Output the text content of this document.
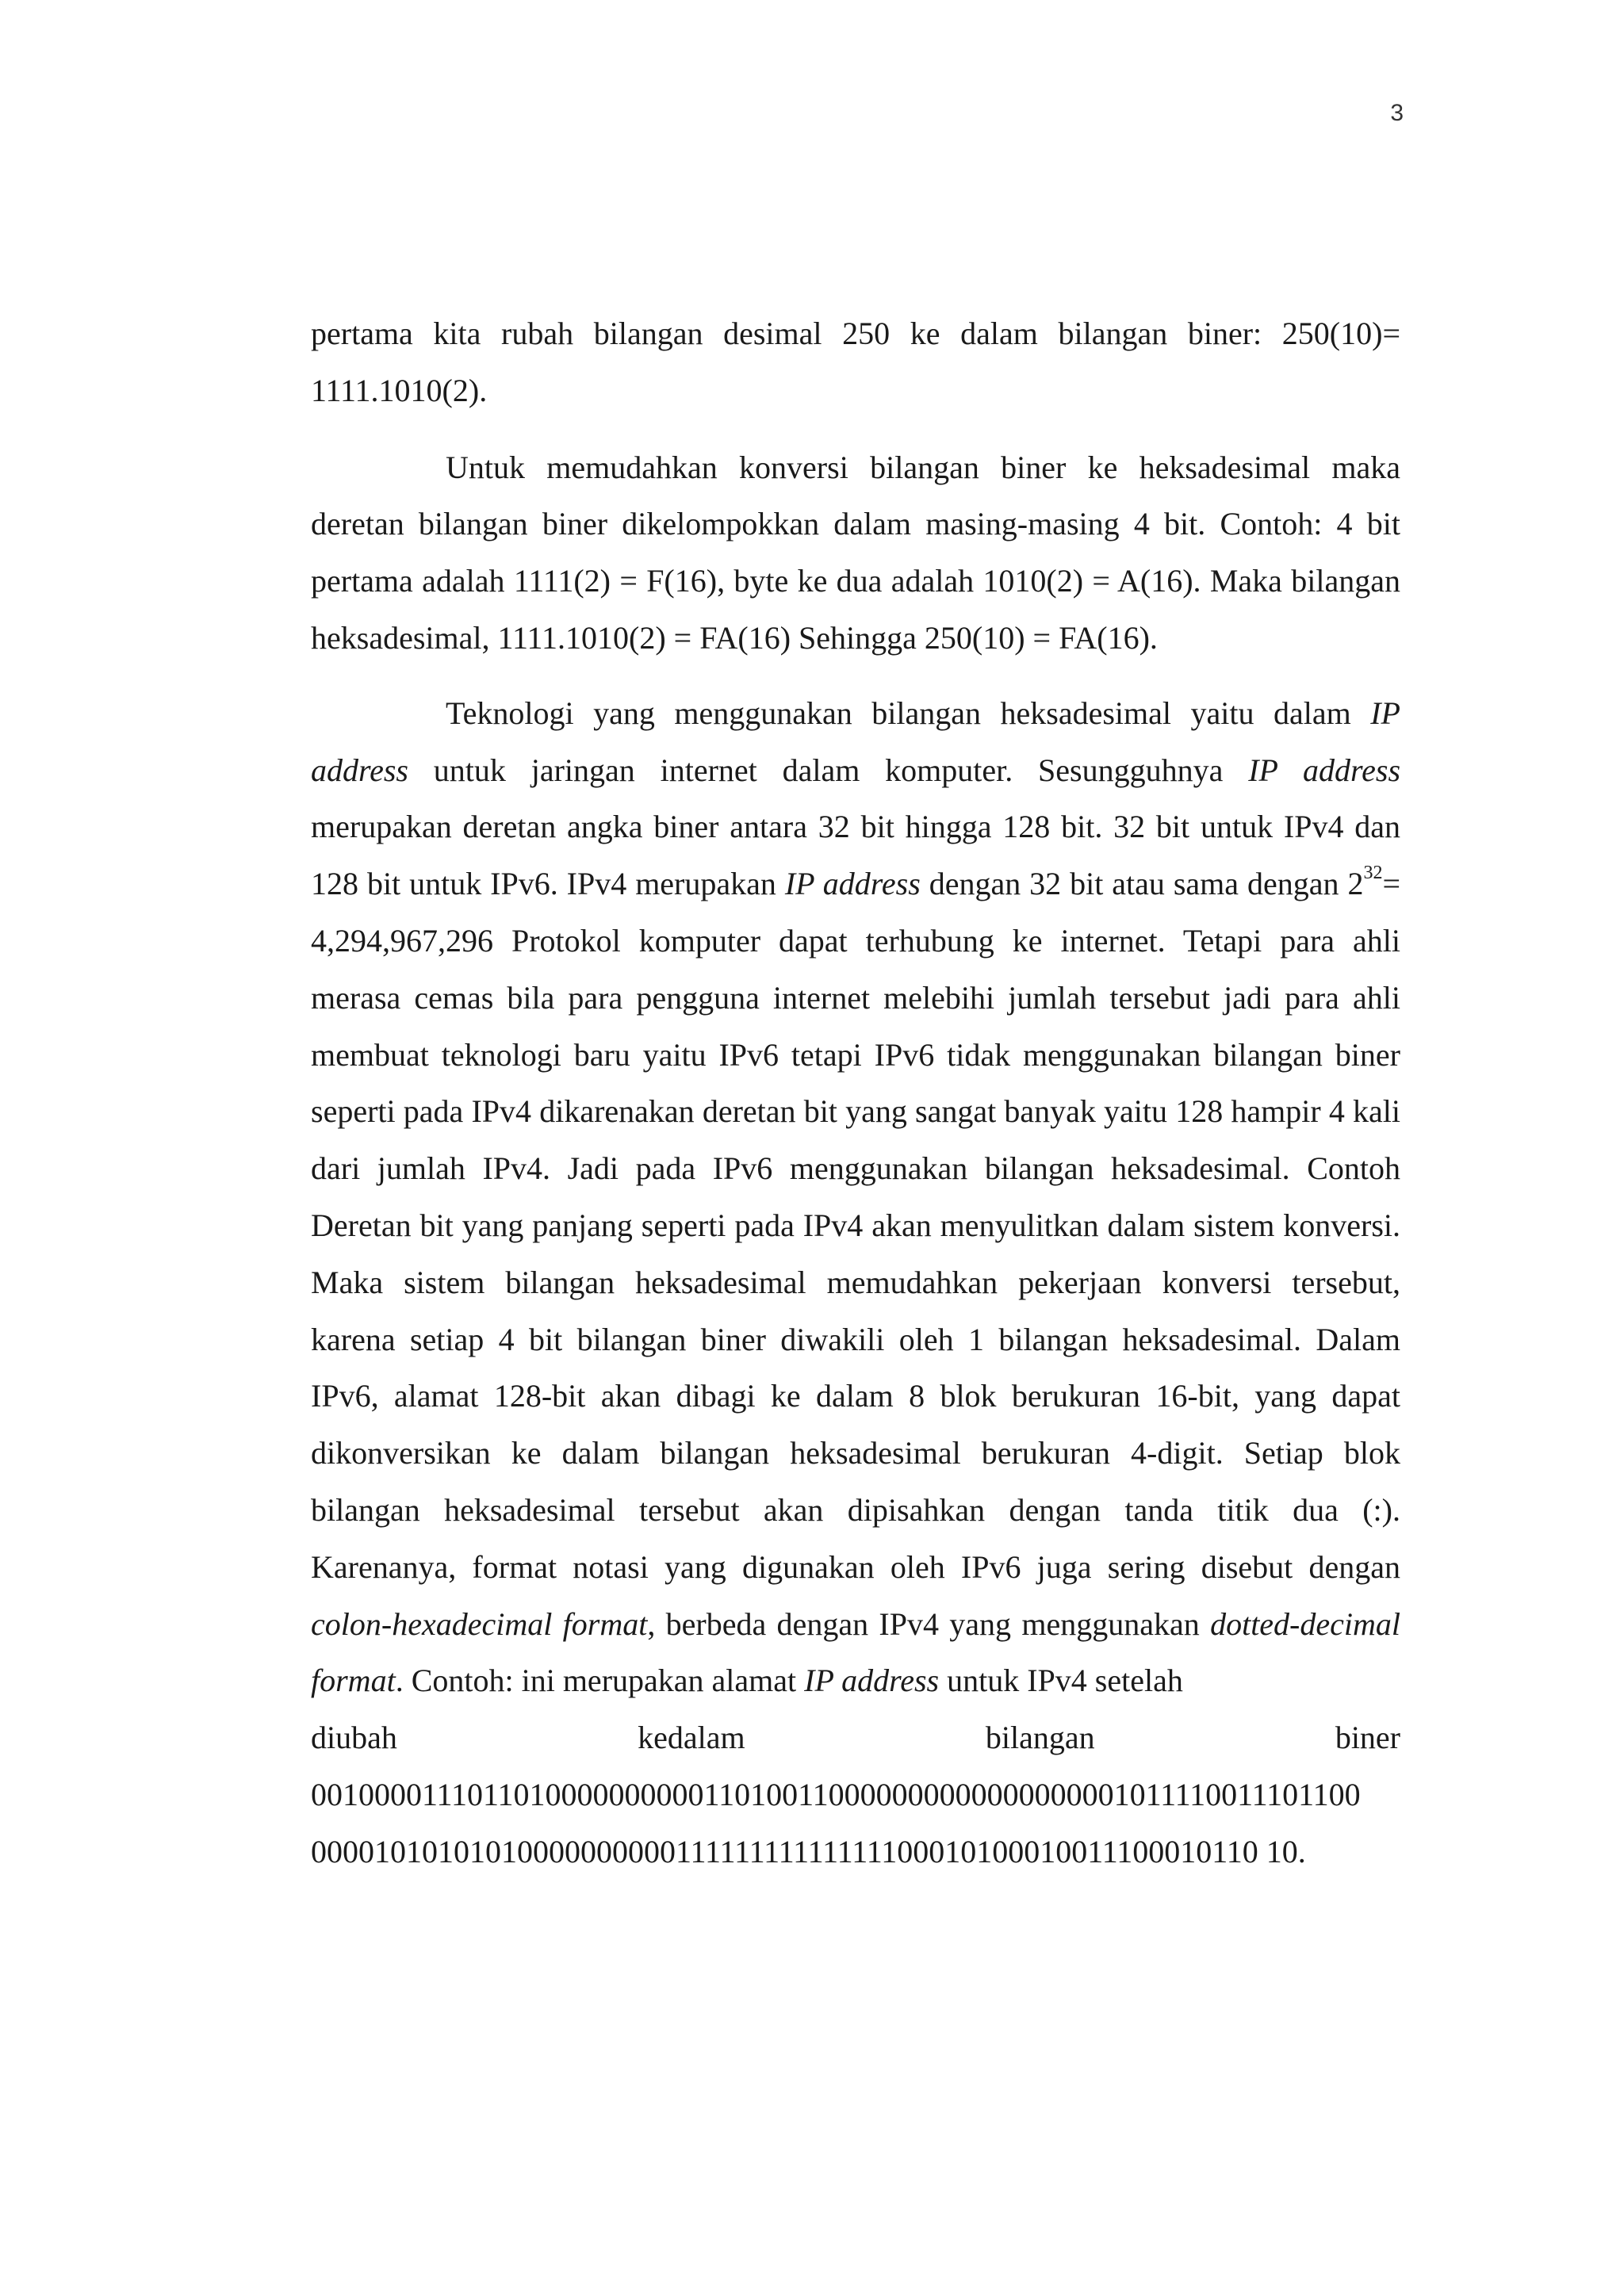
3

pertama kita rubah bilangan desimal 250 ke dalam bilangan biner: 250(10)= 1111.1010(2).

Untuk memudahkan konversi bilangan biner ke heksadesimal maka deretan bilangan biner dikelompokkan dalam masing-masing 4 bit. Contoh: 4 bit pertama adalah 1111(2) = F(16), byte ke dua adalah 1010(2) = A(16). Maka bilangan heksadesimal, 1111.1010(2) = FA(16) Sehingga 250(10) = FA(16).

Teknologi yang menggunakan bilangan heksadesimal yaitu dalam IP address untuk jaringan internet dalam komputer. Sesungguhnya IP address merupakan deretan angka biner antara 32 bit hingga 128 bit. 32 bit untuk IPv4 dan 128 bit untuk IPv6. IPv4 merupakan IP address dengan 32 bit atau sama dengan $2^{32}= 4,294,967,296$ Protokol komputer dapat terhubung ke internet. Tetapi para ahli merasa cemas bila para pengguna internet melebihi jumlah tersebut jadi para ahli membuat teknologi baru yaitu IPv6 tetapi IPv6 tidak menggunakan bilangan biner seperti pada IPv4 dikarenakan deretan bit yang sangat banyak yaitu 128 hampir 4 kali dari jumlah IPv4. Jadi pada IPv6 menggunakan bilangan heksadesimal. Contoh Deretan bit yang panjang seperti pada IPv4 akan menyulitkan dalam sistem konversi. Maka sistem bilangan heksadesimal memudahkan pekerjaan konversi tersebut, karena setiap 4 bit bilangan biner diwakili oleh 1 bilangan heksadesimal. Dalam IPv6, alamat 128-bit akan dibagi ke dalam 8 blok berukuran 16-bit, yang dapat dikonversikan ke dalam bilangan heksadesimal berukuran 4-digit. Setiap blok bilangan heksadesimal tersebut akan dipisahkan dengan tanda titik dua (:). Karenanya, format notasi yang digunakan oleh IPv6 juga sering disebut dengan colon-hexadecimal format, berbeda dengan IPv4 yang menggunakan dotted-decimal format. Contoh: ini merupakan alamat IP address untuk IPv4 setelah

diubah	kedalam	bilangan	biner

0010000111011010000000000110100110000000000000000001011110011101100

0000101010101000000000011111111111111100010100010011100010110 10.
